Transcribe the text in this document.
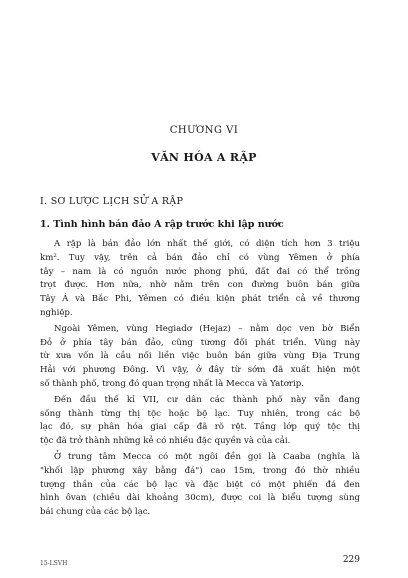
CHƯƠNG VI
VĂN HÓA A RẬP
I. SƠ LƯỢC LỊCH SỬ A RẬP
1. Tình hình bán đảo A rập trước khi lập nước
A rập là bán đảo lớn nhất thế giới, có diện tích hơn 3 triệu
km². Tuy vậy, trên cả bán đảo chỉ có vùng Yêmen ở phía
tây – nam là có nguồn nước phong phú, đất đai có thể trồng
trọt được. Hơn nữa, nhờ nằm trên con đường buôn bán giữa
Tây Á và Bắc Phi, Yêmen có điều kiện phát triển cả về thương
nghiệp.
Ngoài Yêmen, vùng Hegiadơ (Hejaz) – nằm dọc ven bờ Biển
Đỏ ở phía tây bán đảo, cũng tương đối phát triển. Vùng này
từ xưa vốn là cầu nối liền việc buôn bán giữa vùng Địa Trung
Hải với phương Đông. Vì vậy, ở đây từ sớm đã xuất hiện một
số thành phố, trong đó quan trọng nhất là Mecca và Yatơrip.
Đến đầu thế kỉ VII, cư dân các thành phố này vẫn đang
sống thành từng thị tộc hoặc bộ lạc. Tuy nhiên, trong các bộ
lạc đó, sự phân hóa giai cấp đã rõ rệt. Tầng lớp quý tộc thị
tộc đã trở thành những kẻ có nhiều đặc quyền và của cải.
Ở trung tâm Mecca có một ngôi đền gọi là Caaba (nghĩa là
"khối lập phương xây bằng đá") cao 15m, trong đó thờ nhiều
tượng thần của các bộ lạc và đặc biệt có một phiến đá đen
hình ôvan (chiều dài khoảng 30cm), được coi là biểu tượng sùng
bái chung của các bộ lạc.
15-LSVH	229
